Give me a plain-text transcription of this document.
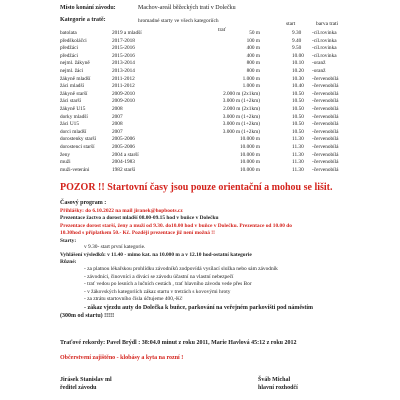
Místo konání závodu:	Machov-areál běžeckých tratí v Dolečku
Kategorie a tratě:	hromadné starty ve všech kategoriích
trať
start	barva trati
batolata	2019 a mladší	50 m	9.30 -cíl.rovinka
předškoláčci	2017-2018	100 m	9.40 -cíl.rovinka
předžáci	2015-2016	400 m	9.50 -cíl.rovinka
předžáci	2015-2016	400 m	10.00 -cíl.rovinka
nejml. žákyně	2013-2014	800 m	10.10 -oranž
nejml. žáci	2013-2014	800 m	10.20 -oranž
žákyně mladší	2011-2012	1.000 m	10.30 -červenobílá
žáci mladší	2011-2012	1.000 m	10.40 -červenobílá
žákyně starší	2009-2010	2.000 m (2x1km)	10.50 -červenobílá
žáci starší	2009-2010	3.000 m (1+2km)	10.50 -červenobílá
žákyně U15	2008	2.000 m (2x1km)	10.50 -červenobílá
dorky mladší	2007	3.000 m (1+2km)	10.50 -červenobílá
žáci U15	2008	3.000 m (1+2km)	10.50 -červenobílá
dorci mladší	2007	3.000 m (1+2km)	10.50 -červenobílá
dorostenky starší	2005-2006	10.000 m	11.30 -červenobílá
dorostenci starší	2005-2006	10.000 m	11.30 -červenobílá
ženy	2004 a starší	10.000 m	11.30 -červenobílá
muži	2004-1983	10.000 m	11.30 -červenobílá
muži-veteráni	1982 starší	10.000 m	11.30 -červenobílá
POZOR !! Startovní časy jsou pouze orientační a mohou se lišit.
Časový program :
Přihlášky: do 6.10.2022 na mail jiranek@hopboots.cz
Prezentace žactvo a dorost mladší 08.00-09.15 hod v buňce v Dolečku
Prezentace dorost starší, ženy a muži od 9.30. do10.00 hod v buňce v Dolečku. Prezentace od 10.00 do
10.30hod s příplatkem 50.- Kč. Později prezentace již není možná !!
Starty:
v 9.30- start první kategorie.
Vyhlášení výsledků: v 11.40 - mimo kat. na 10.000 m a v 12.10 hod-ostatní kategorie
Různé:
- za platnou lékařskou prohlídku závodníků zodpovídá vysílací složka nebo sám závodník
- závodníci, činovníci a diváci se závodu účastní na vlastní nebezpečí
- trať vedou po lesních a lučních cestách , trať hlavního závodu vede přes Bor
- v žákovských kategoriích zákaz startu v tretrách s kovovými hroty
- za ztrátu startovního čísla účtujeme 400,-Kč
- zákaz vjezdu auty do Dolečka k buňce, parkování na veřejném parkovišti pod náměstím
(300m od startu) !!!!!
Traťové rekordy: Pavel Brýdl : 38:04.0 minut z roku 2011, Marie Havlová 45:12 z roku 2012
Občerstvení zajištěno - klobásy a kyta na rozní !
Jirásek Stanislav ml
ředitel závodu
Šváb Michal
hlavní rozhodčí
